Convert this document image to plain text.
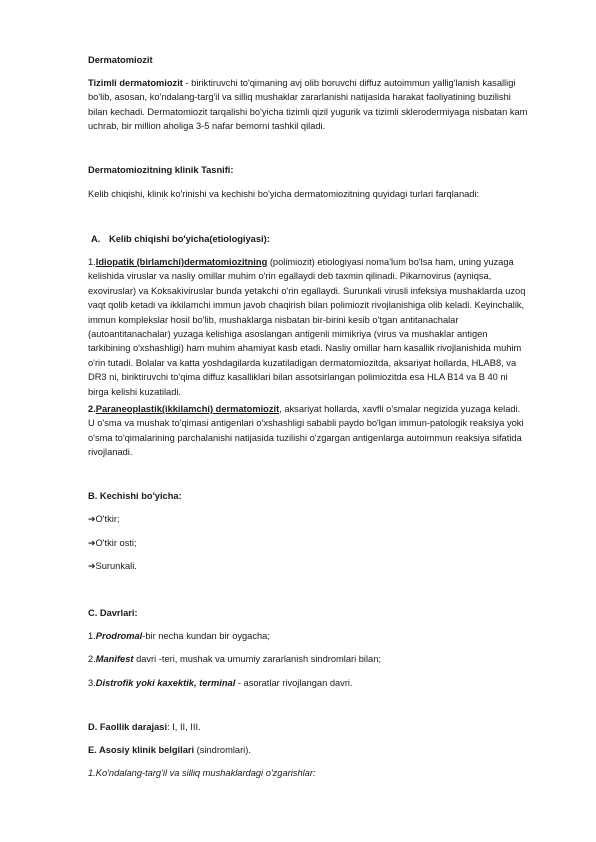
Dermatomiozit

Tizimli dermatomiozit - biriktiruvchi to'qimaning avj olib boruvchi diffuz autoimmun yallig'lanish kasalligi bo'lib, asosan, ko'ndalang-targ'il va silliq mushaklar zararlanishi natijasida harakat faoliyatining buzilishi bilan kechadi. Dermatomiozit tarqalishi bo'yicha tizimli qizil yugurik va tizimli sklerodermiyaga nisbatan kam uchrab, bir million aholiga 3-5 nafar bemorni tashkil qiladi.

Dermatomiozitning klinik Tasnifi:

Kelib chiqishi, klinik ko'rinishi va kechishi bo'yicha dermatomiozitning quyidagi turlari farqlanadi:

A. Kelib chiqishi bo'yicha(etiologiyasi):

1.Idiopatik (birlamchi)dermatomiozitning (polimiozit) etiologiyasi noma'lum bo'lsa ham, uning yuzaga kelishida viruslar va nasliy omillar muhim o'rin egallaydi deb taxmin qilinadi. Pikarnovirus (ayniqsa, exoviruslar) va Koksakiviruslar bunda yetakchi o'rin egallaydi. Surunkali virusli infeksiya mushaklarda uzoq vaqt qolib ketadi va ikkilamchi immun javob chaqirish bilan polimiozit rivojlanishiga olib keladi. Keyinchalik, immun komplekslar hosil bo'lib, mushaklarga nisbatan bir-birini kesib o'tgan antitanachalar (autoantitanachalar) yuzaga kelishiga asoslangan antigenli mimikriya (virus va mushaklar antigen tarkibining o'xshashligi) ham muhim ahamiyat kasb etadi. Nasliy omillar ham kasallik rivojlanishida muhim o'rin tutadi. Bolalar va katta yoshdagilarda kuzatiladigan dermatomiozitda, aksariyat hollarda, HLAB8, va DR3 ni, biriktiruvchi to'qima diffuz kasalliklari bilan assotsirlangan polimiozitda esa HLA B14 va B 40 ni birga kelishi kuzatiladi.

2.Paraneoplastik(ikkilamchi) dermatomiozit, aksariyat hollarda, xavfli o'smalar negizida yuzaga keladi. U o'sma va mushak to'qimasi antigenlari o'xshashligi sababli paydo bo'lgan immun-patologik reaksiya yoki o'sma to'qimalarining parchalanishi natijasida tuzilishi o'zgargan antigenlarga autoimmun reaksiya sifatida rivojlanadi.

B. Kechishi bo'yicha:

➔O'tkir;

➔O'tkir osti;

➔Surunkali.

C. Davrlari:

1.Prodromal-bir necha kundan bir oygacha;

2.Manifest davri -teri, mushak va umumiy zararlanish sindromlari bilan;

3.Distrofik yoki kaxektik, terminal - asoratlar rivojlangan davri.

D. Faollik darajasi: I, II, III.

E. Asosiy klinik belgilari (sindromlari).

1.Ko'ndalang-targ'il va silliq mushaklardagi o'zgarishlar:
